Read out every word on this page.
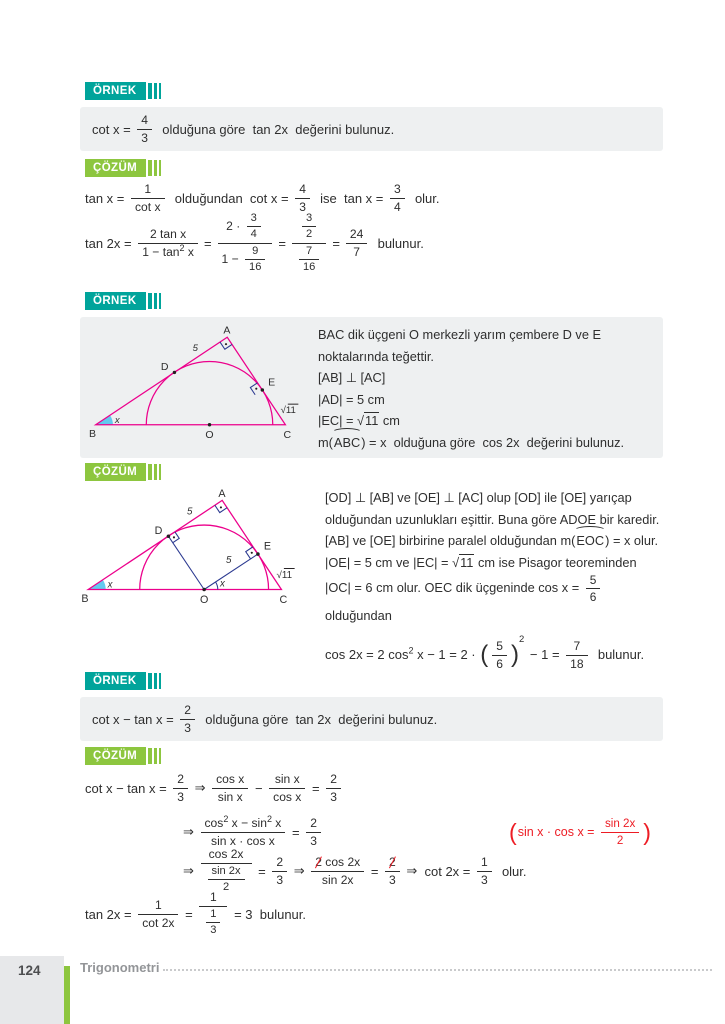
ÖRNEK
$\cot x = \frac{4}{3}$ olduğuna göre  tan 2x  değerini bulunuz.
ÇÖZÜM
$\tan x = \frac{1}{\text{cot x}}$ olduğundan  $\cot x = \frac{4}{3}$ ise  $\tan x = \frac{3}{4}$ olur.
$\tan 2x = \frac{\text{2 tan x}}{1 - \tan^2 x} = \frac{2 \cdot \frac{3}{4}}{1 - \frac{9}{16}} = \frac{\frac{3}{2}}{\frac{7}{16}} = \frac{24}{7}$ bulunur.
ÖRNEK
A
D
E
B	O	C
5
√11
x
BAC dik üçgeni O merkezli yarım çembere D ve E noktalarında teğettir.
[AB] ⊥ [AC]
|AD| = 5 cm
|EC| = √11 cm
m( ABC ) = x  olduğuna göre  cos 2x  değerini bulunuz.
ÇÖZÜM
A
D
E
B	O	C
5
5
√11
x	x
[OD] ⊥ [AB] ve [OE] ⊥ [AC] olup [OD] ile [OE] yarıçap olduğundan uzunlukları eşittir. Buna göre ADOE bir karedir. [AB] ve [OE] birbirine paralel olduğundan m(EOC) = x olur. |OE| = 5 cm ve |EC| = √11 cm ise Pisagor teoreminden |OC| = 6 cm olur. OEC dik üçgeninde $\cos x = \frac{5}{6}$
olduğundan
cos 2x = 2 $\cos^2 x - 1 = 2$ · ( $\frac{5}{6}$ )
2
− $1 = \frac{7}{18}$ bulunur.
ÖRNEK
$\cot x - \tan x = \frac{2}{3}$ olduğuna göre  tan 2x  değerini bulunuz.
ÇÖZÜM
$\cot x - \tan x = \frac{2}{3}$ ⇒ $\frac{\text{cos x}}{\text{sin x}} - \frac{\text{sin x}}{\text{cos x}} = \frac{2}{3}$
⇒ $\frac{\cos^2 x - \sin^2 x}{\text{sin x · cos x}} = \frac{2}{3}$	( $\sin x \cdot \cos x = \frac{\sin 2x}{2}$ )
⇒ $\frac{\cos 2x}{\frac{\sin 2x}{2}} = \frac{2}{3}$ ⇒ $\frac{2 \cos 2x}{\sin 2x} = \frac{2}{3}$ ⇒ $\cot 2x = \frac{1}{3}$ olur.
$\tan 2x = \frac{1}{\cot 2x} = \frac{1}{\frac{1}{3}} = 3$  bulunur.
124	Trigonometri
